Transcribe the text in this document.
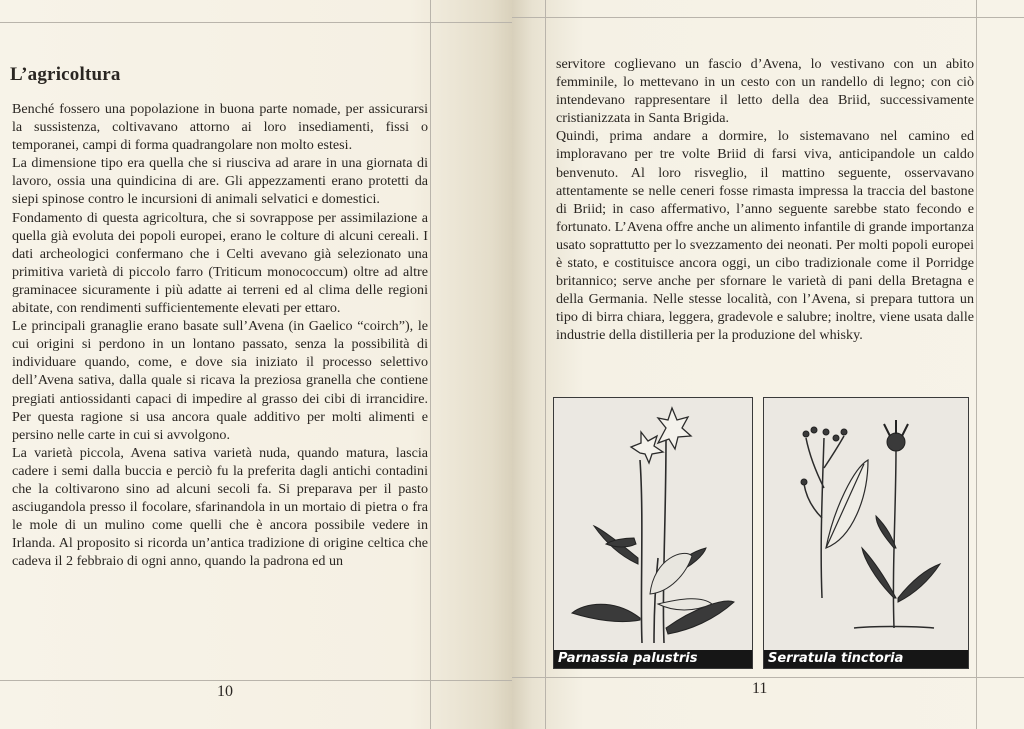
L’agricoltura

Benché fossero una popolazione in buona parte nomade, per assicurarsi la sussistenza, coltivavano attorno ai loro insediamenti, fissi o temporanei, campi di forma quadrangolare non molto estesi.

La dimensione tipo era quella che si riusciva ad arare in una giornata di lavoro, ossia una quindicina di are. Gli appezzamenti erano protetti da siepi spinose contro le incursioni di animali selvatici e domestici.

Fondamento di questa agricoltura, che si sovrappose per assimilazione a quella già evoluta dei popoli europei, erano le colture di alcuni cereali. I dati archeologici confermano che i Celti avevano già selezionato una primitiva varietà di piccolo farro (Triticum monococcum) oltre ad altre graminacee sicuramente i più adatte ai terreni ed al clima delle regioni abitate, con rendimenti sufficientemente elevati per ettaro.

Le principali granaglie erano basate sull’Avena (in Gaelico “coirch”), le cui origini si perdono in un lontano passato, senza la possibilità di individuare quando, come, e dove sia iniziato il processo selettivo dell’Avena sativa, dalla quale si ricava la preziosa granella che contiene pregiati antiossidanti capaci di impedire al grasso dei cibi di irrancidire. Per questa ragione si usa ancora quale additivo per molti alimenti e persino nelle carte in cui si avvolgono.

La varietà piccola, Avena sativa varietà nuda, quando matura, lascia cadere i semi dalla buccia e perciò fu la preferita dagli antichi contadini che la coltivarono sino ad alcuni secoli fa. Si preparava per il pasto asciugandola presso il focolare, sfarinandola in un mortaio di pietra o fra le mole di un mulino come quelli che è ancora possibile vedere in Irlanda. Al proposito si ricorda un’antica tradizione di origine celtica che cadeva il 2 febbraio di ogni anno, quando la padrona ed un

10

servitore coglievano un fascio d’Avena, lo vestivano con un abito femminile, lo mettevano in un cesto con un randello di legno; con ciò intendevano rappresentare il letto della dea Briid, successivamente cristianizzata in Santa Brigida.

Quindi, prima andare a dormire, lo sistemavano nel camino ed imploravano per tre volte Briid di farsi viva, anticipandole un caldo benvenuto. Al loro risveglio, il mattino seguente, osservavano attentamente se nelle ceneri fosse rimasta impressa la traccia del bastone di Briid; in caso affermativo, l’anno seguente sarebbe stato fecondo e fortunato. L’Avena offre anche un alimento infantile di grande importanza usato soprattutto per lo svezzamento dei neonati. Per molti popoli europei è stato, e costituisce ancora oggi, un cibo tradizionale come il Porridge britannico; serve anche per sfornare le varietà di pani della Bretagna e della Germania. Nelle stesse località, con l’Avena, si prepara tuttora un tipo di birra chiara, leggera, gradevole e salubre; inoltre, viene usata dalle industrie della distilleria per la produzione del whisky.

Parnassia palustris	Serratula tinctoria
11
